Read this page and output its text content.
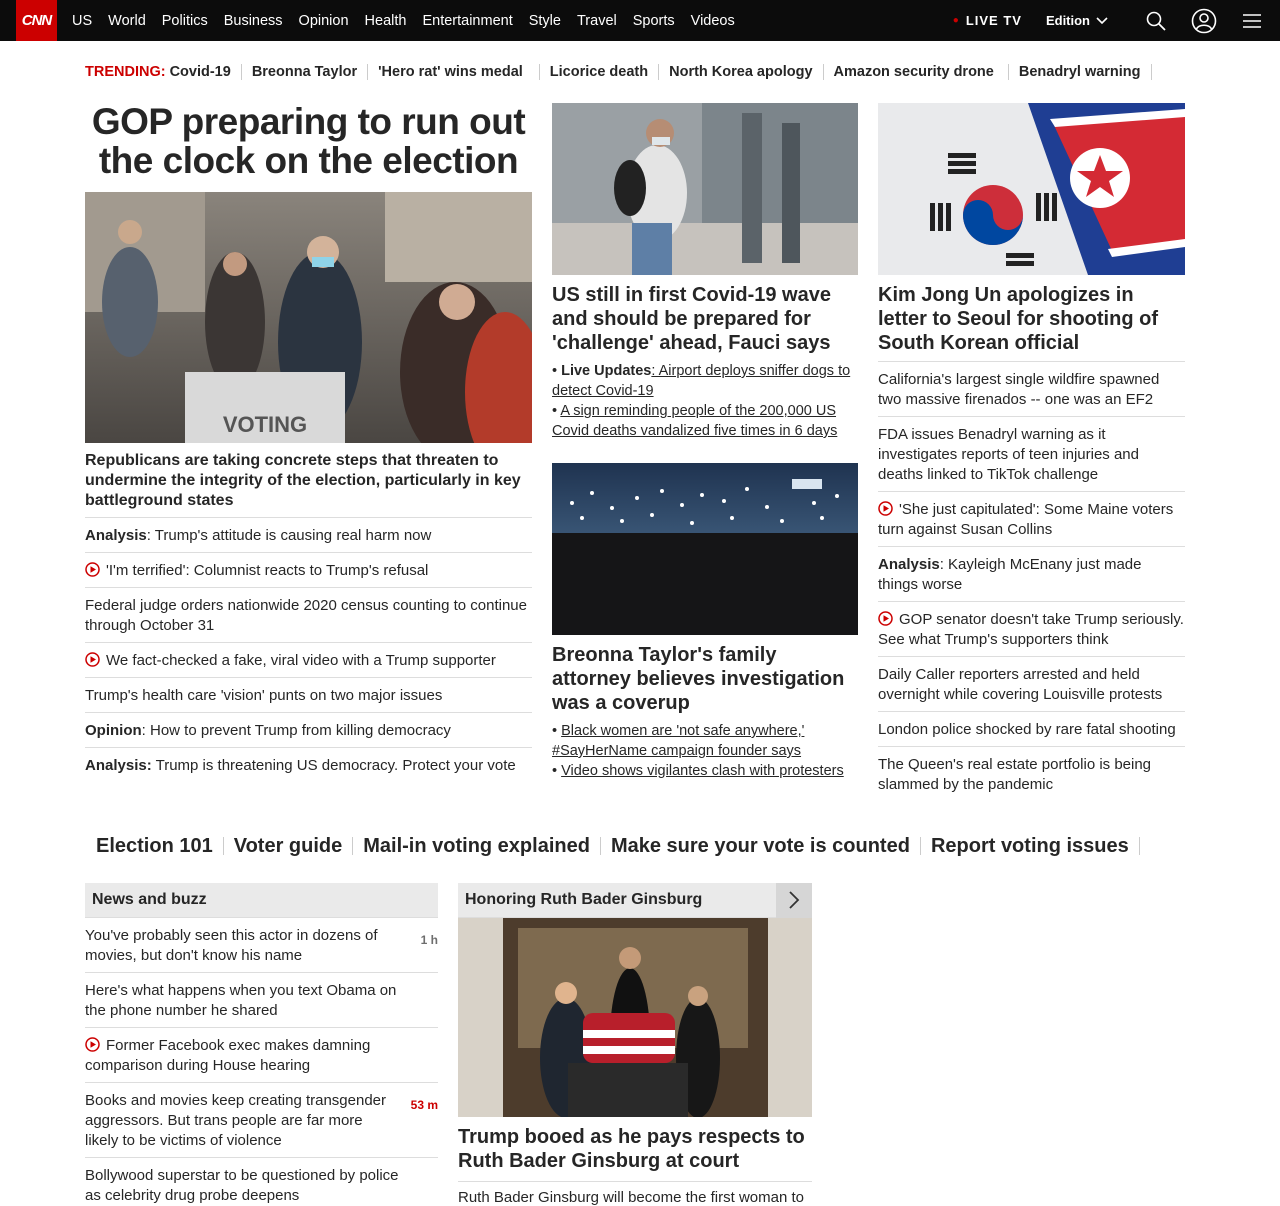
CNN	US	World	Politics	Business	Opinion	Health	Entertainment	Style	Travel	Sports	Videos	● LIVE TV Edition
TRENDING: Covid-19	Breonna Taylor	'Hero rat' wins medal	Licorice death	North Korea apology	Amazon security drone	Benadryl warning
GOP preparing to run out the clock on the election
VOTING
Republicans are taking concrete steps that threaten to undermine the integrity of the election, particularly in key battleground states
Analysis: Trump's attitude is causing real harm now
'I'm terrified': Columnist reacts to Trump's refusal
Federal judge orders nationwide 2020 census counting to continue through October 31
We fact-checked a fake, viral video with a Trump supporter
Trump's health care 'vision' punts on two major issues
Opinion: How to prevent Trump from killing democracy
Analysis: Trump is threatening US democracy. Protect your vote
US still in first Covid-19 wave and should be prepared for 'challenge' ahead, Fauci says
• Live Updates: Airport deploys sniffer dogs to detect Covid-19
• A sign reminding people of the 200,000 US Covid deaths vandalized five times in 6 days
Breonna Taylor's family attorney believes investigation was a coverup
• Black women are 'not safe anywhere,' #SayHerName campaign founder says
• Video shows vigilantes clash with protesters
Kim Jong Un apologizes in letter to Seoul for shooting of South Korean official
California's largest single wildfire spawned two massive firenados -- one was an EF2
FDA issues Benadryl warning as it investigates reports of teen injuries and deaths linked to TikTok challenge
'She just capitulated': Some Maine voters turn against Susan Collins
Analysis: Kayleigh McEnany just made things worse
GOP senator doesn't take Trump seriously. See what Trump's supporters think
Daily Caller reporters arrested and held overnight while covering Louisville protests
London police shocked by rare fatal shooting
The Queen's real estate portfolio is being slammed by the pandemic
Election 101	Voter guide	Mail-in voting explained	Make sure your vote is counted	Report voting issues
News and buzz
You've probably seen this actor in dozens of movies, but don't know his name
1 h
Here's what happens when you text Obama on the phone number he shared
Former Facebook exec makes damning comparison during House hearing
Books and movies keep creating transgender aggressors. But trans people are far more likely to be victims of violence
53 m
Bollywood superstar to be questioned by police as celebrity drug probe deepens
Honoring Ruth Bader Ginsburg
Trump booed as he pays respects to Ruth Bader Ginsburg at court
Ruth Bader Ginsburg will become the first woman to
